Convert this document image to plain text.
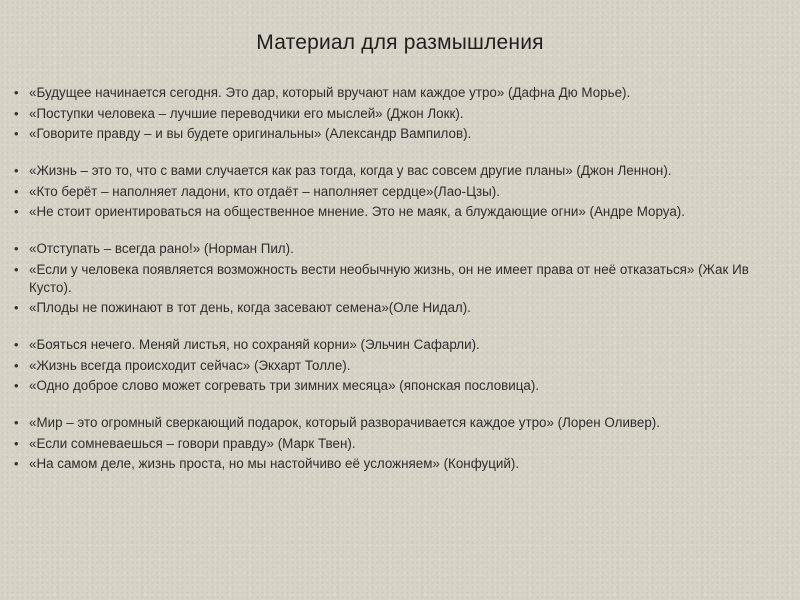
Материал для размышления
• «Будущее начинается сегодня. Это дар, который вручают нам каждое утро» (Дафна Дю Морье).
• «Поступки человека – лучшие переводчики его мыслей» (Джон Локк).
• «Говорите правду – и вы будете оригинальны» (Александр Вампилов).
• «Жизнь – это то, что с вами случается как раз тогда, когда у вас совсем другие планы» (Джон Леннон).
• «Кто берёт – наполняет ладони, кто отдаёт – наполняет сердце»(Лао-Цзы).
• «Не стоит ориентироваться на общественное мнение. Это не маяк, а блуждающие огни» (Андре Моруа).
• «Отступать – всегда рано!» (Норман Пил).
• «Если у человека появляется возможность вести необычную жизнь, он не имеет права от неё отказаться» (Жак Ив Кусто).
• «Плоды не пожинают в тот день, когда засевают семена»(Оле Нидал).
• «Бояться нечего. Меняй листья, но сохраняй корни» (Эльчин Сафарли).
• «Жизнь всегда происходит сейчас» (Экхарт Толле).
• «Одно доброе слово может согревать три зимних месяца» (японская пословица).
• «Мир – это огромный сверкающий подарок, который разворачивается каждое утро» (Лорен Оливер).
• «Если сомневаешься – говори правду» (Марк Твен).
• «На самом деле, жизнь проста, но мы настойчиво её усложняем» (Конфуций).
